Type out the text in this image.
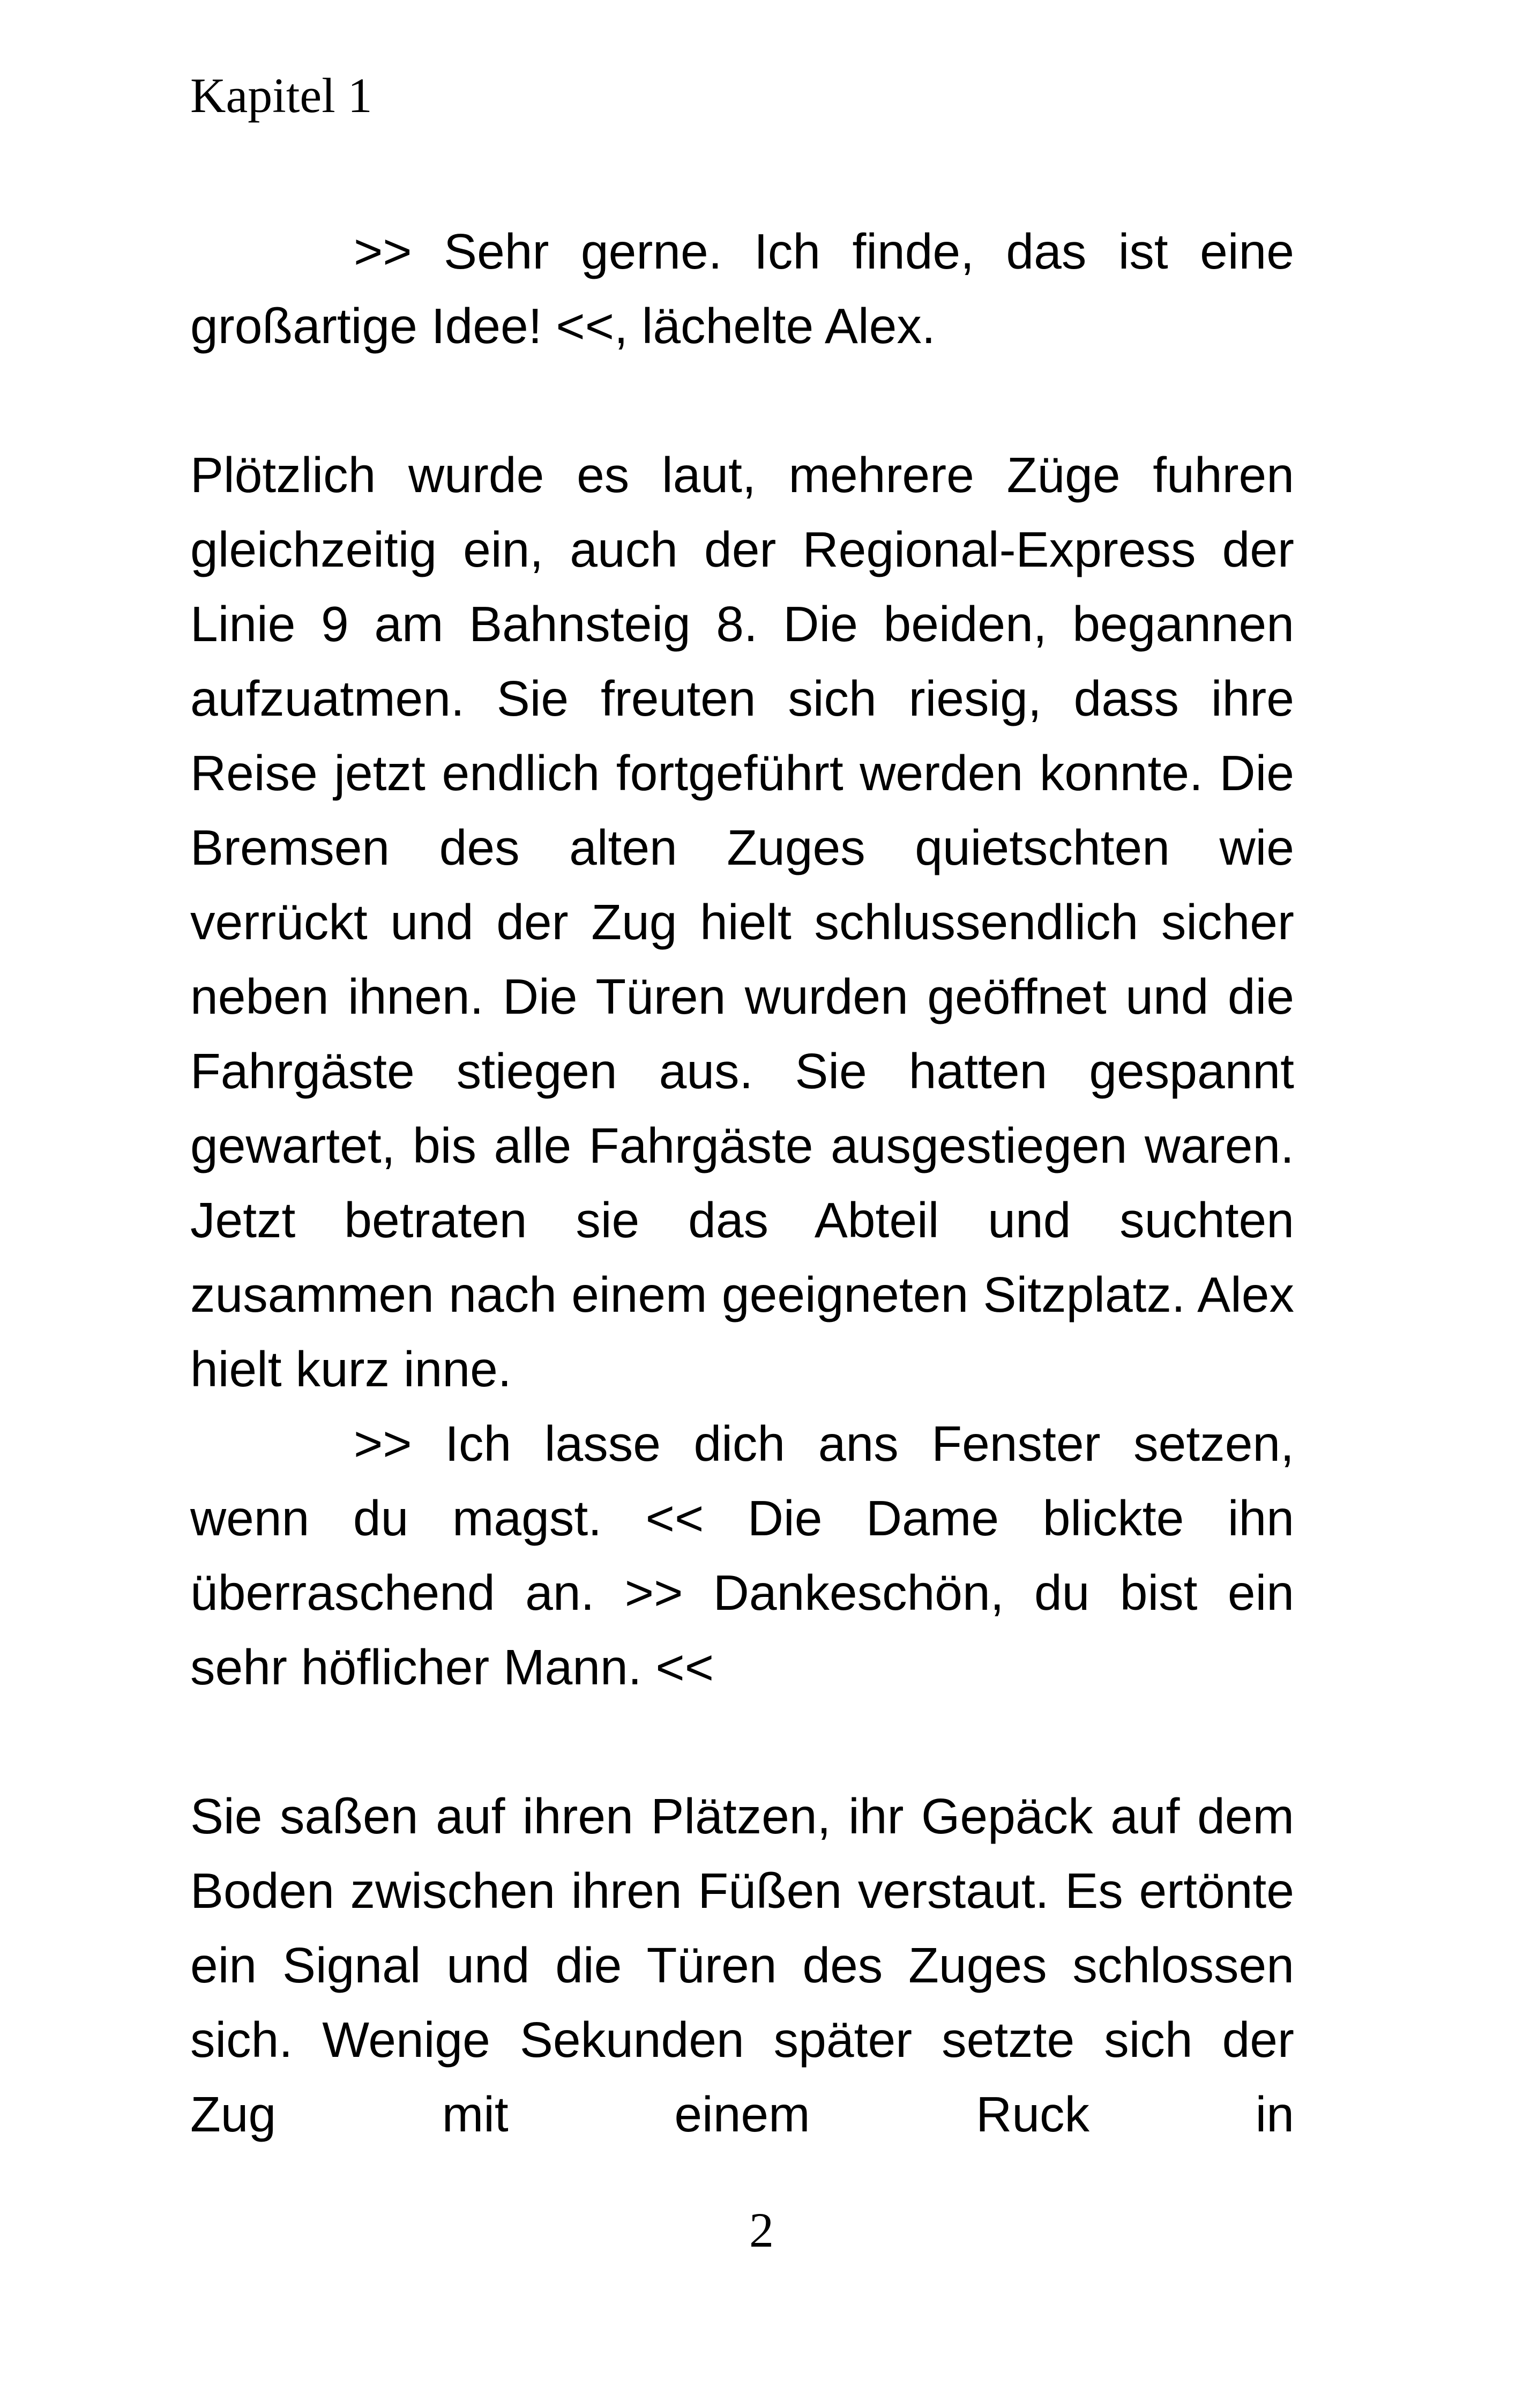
Kapitel 1

>> Sehr gerne. Ich finde, das ist eine großartige Idee! <<, lächelte Alex.

Plötzlich wurde es laut, mehrere Züge fuhren gleichzeitig ein, auch der Regional-Express der Linie 9 am Bahnsteig 8. Die beiden, begannen aufzuatmen. Sie freuten sich riesig, dass ihre Reise jetzt endlich fortgeführt werden konnte. Die Bremsen des alten Zuges quietschten wie verrückt und der Zug hielt schlussendlich sicher neben ihnen. Die Türen wurden geöffnet und die Fahrgäste stiegen aus. Sie hatten gespannt gewartet, bis alle Fahrgäste ausgestiegen waren. Jetzt betraten sie das Abteil und suchten zusammen nach einem geeigneten Sitzplatz. Alex hielt kurz inne.

>> Ich lasse dich ans Fenster setzen, wenn du magst. << Die Dame blickte ihn überraschend an. >> Dankeschön, du bist ein sehr höflicher Mann. <<

Sie saßen auf ihren Plätzen, ihr Gepäck auf dem Boden zwischen ihren Füßen verstaut. Es ertönte ein Signal und die Türen des Zuges schlossen sich. Wenige Sekunden später setzte sich der Zug mit einem Ruck in

2
